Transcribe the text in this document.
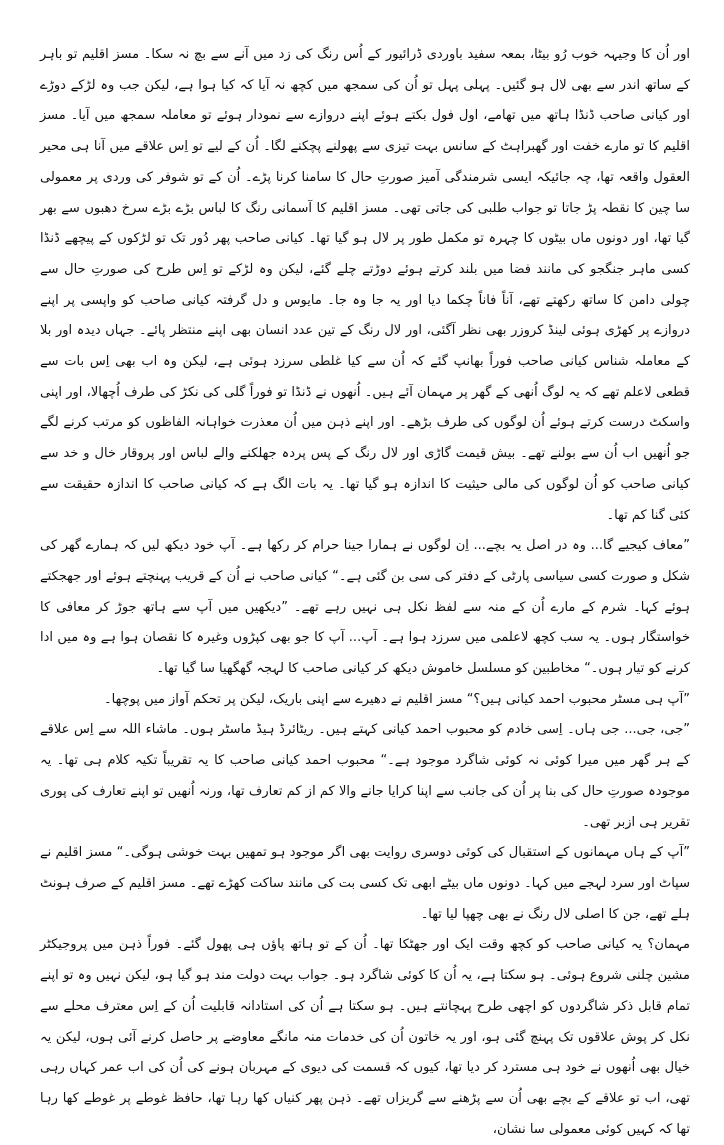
اور اُن کا وجیہہ خوب رُو بیٹا، بمعہ سفید باوردی ڈرائیور کے اُس رنگ کی زد میں آنے سے بچ نہ سکا۔ مسز اقلیم تو باہر کے ساتھ اندر سے بھی لال ہو گئیں۔ پہلی پہل تو اُن کی سمجھ میں کچھ نہ آیا کہ کیا ہوا ہے، لیکن جب وہ لڑکے دوڑے اور کیانی صاحب ڈنڈا ہاتھ میں تھامے، اول فول بکتے ہوئے اپنے دروازے سے نمودار ہوئے تو معاملہ سمجھ میں آیا۔ مسز اقلیم کا تو مارے خفت اور گھبراہٹ کے سانس بہت تیزی سے پھولنے پچکنے لگا۔ اُن کے لیے تو اِس علاقے میں آنا ہی محیر العقول واقعہ تھا، چہ جائیکہ ایسی شرمندگی آمیز صورتِ حال کا سامنا کرنا پڑے۔ اُن کے تو شوفر کی وردی پر معمولی سا چین کا نقطہ پڑ جاتا تو جواب طلبی کی جاتی تھی۔ مسز اقلیم کا آسمانی رنگ کا لباس بڑے بڑے سرخ دھبوں سے بھر گیا تھا، اور دونوں ماں بیٹوں کا چہرہ تو مکمل طور پر لال ہو گیا تھا۔ کیانی صاحب پھر دُور تک تو لڑکوں کے پیچھے ڈنڈا کسی ماہر جنگجو کی مانند فضا میں بلند کرتے ہوئے دوڑتے چلے گئے، لیکن وہ لڑکے تو اِس طرح کی صورتِ حال سے چولی دامن کا ساتھ رکھتے تھے، آناً فاناً چکما دیا اور یہ جا وہ جا۔ مایوس و دل گرفتہ کیانی صاحب کو واپسی پر اپنے دروازے پر کھڑی ہوئی لینڈ کروزر بھی نظر آگئی، اور لال رنگ کے تین عدد انسان بھی اپنے منتظر پائے۔ جہاں دیدہ اور بلا کے معاملہ شناس کیانی صاحب فوراً بھانپ گئے کہ اُن سے کیا غلطی سرزد ہوئی ہے، لیکن وہ اب بھی اِس بات سے قطعی لاعلم تھے کہ یہ لوگ اُنھی کے گھر پر مہمان آئے ہیں۔ اُنھوں نے ڈنڈا تو فوراً گلی کی نکڑ کی طرف اُچھالا، اور اپنی واسکٹ درست کرتے ہوئے اُن لوگوں کی طرف بڑھے۔ اور اپنے ذہن میں اُن معذرت خواہانہ الفاظوں کو مرتب کرنے لگے جو اُنھیں اب اُن سے بولنے تھے۔ بیش قیمت گاڑی اور لال رنگ کے پس پردہ جھلکنے والے لباس اور پروقار خال و خد سے کیانی صاحب کو اُن لوگوں کی مالی حیثیت کا اندازہ ہو گیا تھا۔ یہ بات الگ ہے کہ کیانی صاحب کا اندازہ حقیقت سے کئی گنا کم تھا۔

”معاف کیجیے گا... وہ در اصل یہ بچے... اِن لوگوں نے ہمارا جینا حرام کر رکھا ہے۔ آپ خود دیکھ لیں کہ ہمارے گھر کی شکل و صورت کسی سیاسی پارٹی کے دفتر کی سی بن گئی ہے۔“ کیانی صاحب نے اُن کے قریب پہنچتے ہوئے اور جھجکتے ہوئے کہا۔ شرم کے مارے اُن کے منہ سے لفظ نکل ہی نہیں رہے تھے۔ ”دیکھیں میں آپ سے ہاتھ جوڑ کر معافی کا خواستگار ہوں۔ یہ سب کچھ لاعلمی میں سرزد ہوا ہے۔ آپ... آپ کا جو بھی کپڑوں وغیرہ کا نقصان ہوا ہے وہ میں ادا کرنے کو تیار ہوں۔“ مخاطبین کو مسلسل خاموش دیکھ کر کیانی صاحب کا لہجہ گھگھیا سا گیا تھا۔

”آپ ہی مسٹر محبوب احمد کیانی ہیں؟“ مسز اقلیم نے دھیرے سے اپنی باریک، لیکن پر تحکم آواز میں پوچھا۔

”جی، جی... جی ہاں۔ اِسی خادم کو محبوب احمد کیانی کہتے ہیں۔ ریٹائرڈ ہیڈ ماسٹر ہوں۔ ماشاء اللہ سے اِس علاقے کے ہر گھر میں میرا کوئی نہ کوئی شاگرد موجود ہے۔“ محبوب احمد کیانی صاحب کا یہ تقریباً تکیہ کلام ہی تھا۔ یہ موجودہ صورتِ حال کی بنا پر اُن کی جانب سے اپنا کرایا جانے والا کم از کم تعارف تھا، ورنہ اُنھیں تو اپنے تعارف کی پوری تقریر ہی ازبر تھی۔

”آپ کے ہاں مہمانوں کے استقبال کی کوئی دوسری روایت بھی اگر موجود ہو تمھیں بہت خوشی ہوگی۔“ مسز اقلیم نے سپاٹ اور سرد لہجے میں کہا۔ دونوں ماں بیٹے ابھی تک کسی بت کی مانند ساکت کھڑے تھے۔ مسز اقلیم کے صرف ہونٹ ہلے تھے، جن کا اصلی لال رنگ نے بھی چھپا لیا تھا۔

مہمان؟ یہ کیانی صاحب کو کچھ وقت ایک اور جھٹکا تھا۔ اُن کے تو ہاتھ پاؤں ہی پھول گئے۔ فوراً ذہن میں پروجیکٹر مشین چلنی شروع ہوئی۔ ہو سکتا ہے، یہ اُن کا کوئی شاگرد ہو۔ جواب بہت دولت مند ہو گیا ہو، لیکن نہیں وہ تو اپنے تمام قابل ذکر شاگردوں کو اچھی طرح پہچانتے ہیں۔ ہو سکتا ہے اُن کی استادانہ قابلیت اُن کے اِس معترف محلے سے نکل کر پوش علاقوں تک پہنچ گئی ہو، اور یہ خاتون اُن کی خدمات منہ مانگے معاوضے پر حاصل کرنے آئی ہوں، لیکن یہ خیال بھی اُنھوں نے خود ہی مسترد کر دیا تھا، کیوں کہ قسمت کی دیوی کے مہربان ہونے کی اُن کی اب عمر کہاں رہی تھی، اب تو علاقے کے بچے بھی اُن سے پڑھنے سے گریزاں تھے۔ ذہن پھر کنیاں کھا رہا تھا، حافظ غوطے پر غوطے کھا رہا تھا کہ کہیں کوئی معمولی سا نشان،
